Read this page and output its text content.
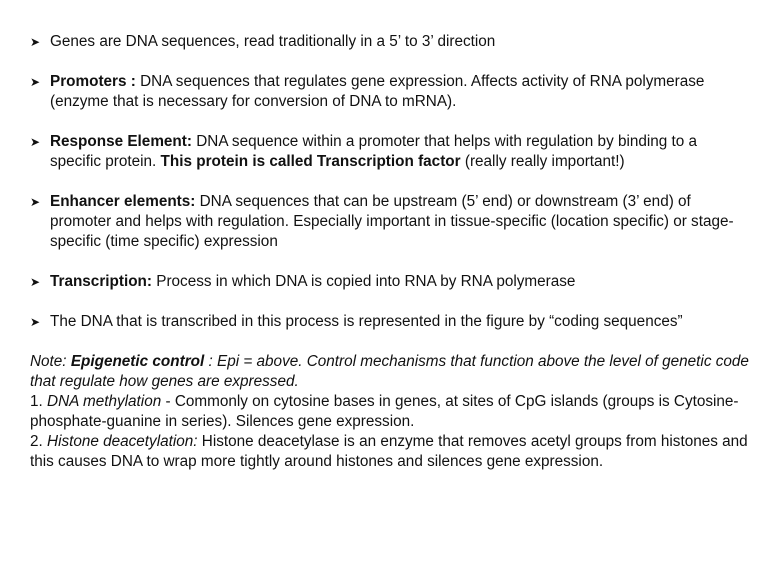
➤ Genes are DNA sequences, read traditionally in a 5’ to 3’ direction
➤ Promoters : DNA sequences that regulates gene expression. Affects activity of RNA polymerase (enzyme that is necessary for conversion of DNA to mRNA).
➤ Response Element: DNA sequence within a promoter that helps with regulation by binding to a specific protein. This protein is called Transcription factor (really really important!)
➤ Enhancer elements: DNA sequences that can be upstream (5’ end) or downstream (3’ end) of promoter and helps with regulation. Especially important in tissue-specific (location specific) or stage-specific (time specific) expression
➤ Transcription: Process in which DNA is copied into RNA by RNA polymerase
➤ The DNA that is transcribed in this process is represented in the figure by “coding sequences”
Note: Epigenetic control : Epi = above. Control mechanisms that function above the level of genetic code that regulate how genes are expressed.
1. DNA methylation - Commonly on cytosine bases in genes, at sites of CpG islands (groups is Cytosine-phosphate-guanine in series). Silences gene expression.
2. Histone deacetylation: Histone deacetylase is an enzyme that removes acetyl groups from histones and this causes DNA to wrap more tightly around histones and silences gene expression.
